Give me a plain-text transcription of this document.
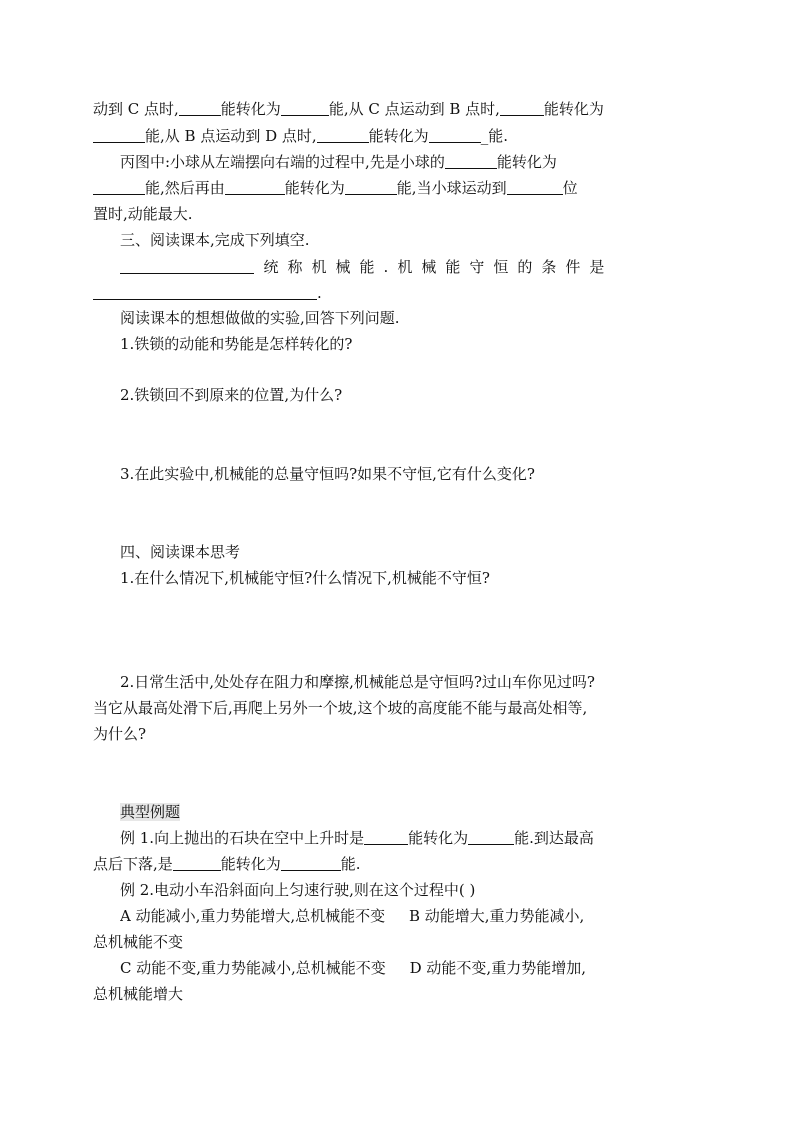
动到 C 点时,	能转化为	能,从 C 点运动到 B 点时,	能转化为
能,从 B 点运动到 D 点时,	能转化为	_能.
丙图中:小球从左端摆向右端的过程中,先是小球的	能转化为
能,然后再由	能转化为	能,当小球运动到	位
置时,动能最大.
三、阅读课本,完成下列填空.
统称机械能.机械能守恒的条件是
.
阅读课本的想想做做的实验,回答下列问题.
1.铁锁的动能和势能是怎样转化的?
2.铁锁回不到原来的位置,为什么?
3.在此实验中,机械能的总量守恒吗?如果不守恒,它有什么变化?
四、阅读课本思考
1.在什么情况下,机械能守恒?什么情况下,机械能不守恒?
2.日常生活中,处处存在阻力和摩擦,机械能总是守恒吗?过山车你见过吗?
当它从最高处滑下后,再爬上另外一个坡,这个坡的高度能不能与最高处相等,
为什么?
典型例题
例 1.向上抛出的石块在空中上升时是	能转化为	能.到达最高
点后下落,是	能转化为	能.
例 2.电动小车沿斜面向上匀速行驶,则在这个过程中( )
A 动能减小,重力势能增大,总机械能不变 B 动能增大,重力势能减小,
总机械能不变
C 动能不变,重力势能减小,总机械能不变 D 动能不变,重力势能增加,
总机械能增大
